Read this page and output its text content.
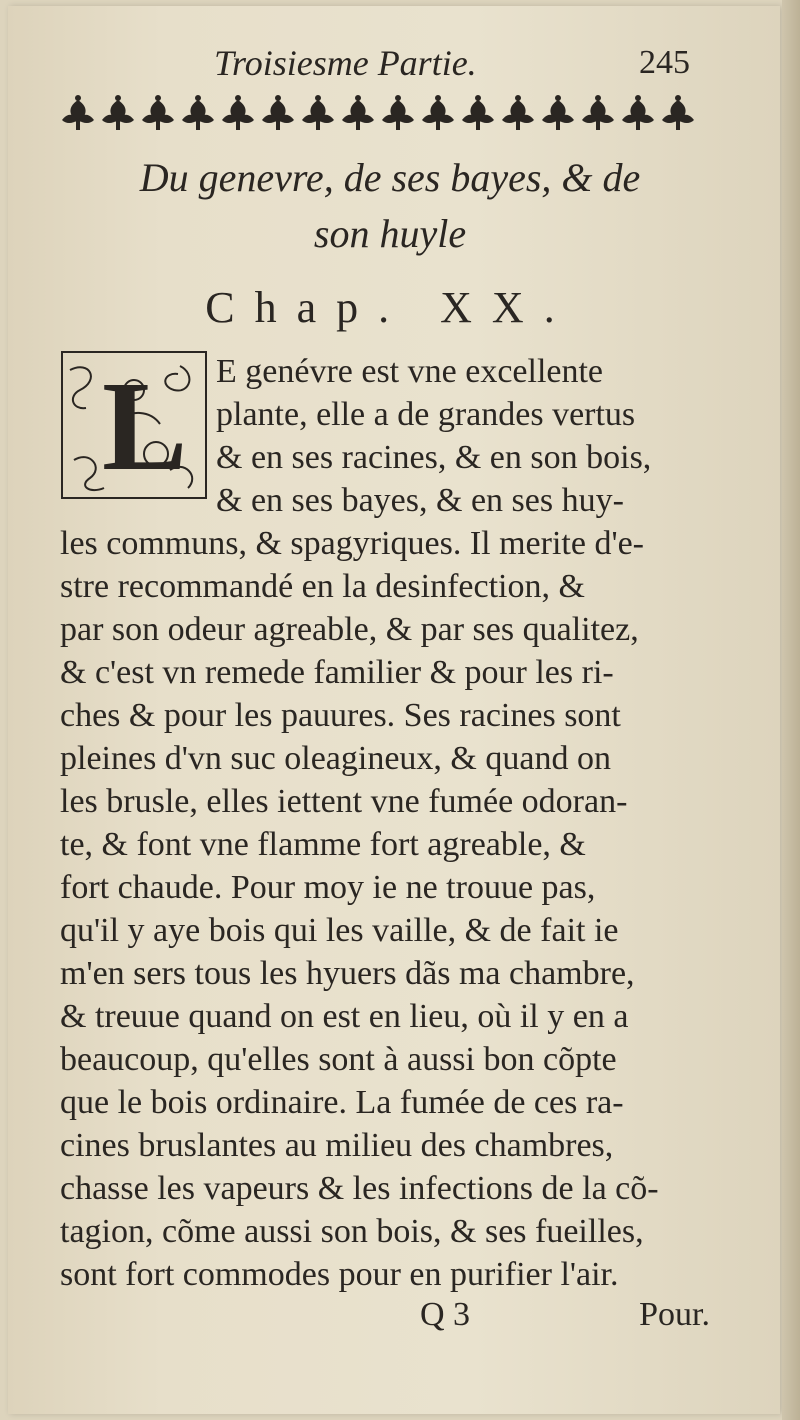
Troisiesme Partie.	245
Du genevre, de ses bayes, & de
son huyle
Chap. XX.
L E genévre est vne excellente
plante, elle a de grandes vertus
& en ses racines, & en son bois,
& en ses bayes, & en ses huy-
les communs, & spagyriques. Il merite d'e-
stre recommandé en la desinfection, &
par son odeur agreable, & par ses qualitez,
& c'est vn remede familier & pour les ri-
ches & pour les pauures. Ses racines sont
pleines d'vn suc oleagineux, & quand on
les brusle, elles iettent vne fumée odoran-
te, & font vne flamme fort agreable, &
fort chaude. Pour moy ie ne trouue pas,
qu'il y aye bois qui les vaille, & de fait ie
m'en sers tous les hyuers dãs ma chambre,
& treuue quand on est en lieu, où il y en a
beaucoup, qu'elles sont à aussi bon cõpte
que le bois ordinaire. La fumée de ces ra-
cines bruslantes au milieu des chambres,
chasse les vapeurs & les infections de la cõ-
tagion, cõme aussi son bois, & ses fueilles,
sont fort commodes pour en purifier l'air.
Q 3	Pour.
